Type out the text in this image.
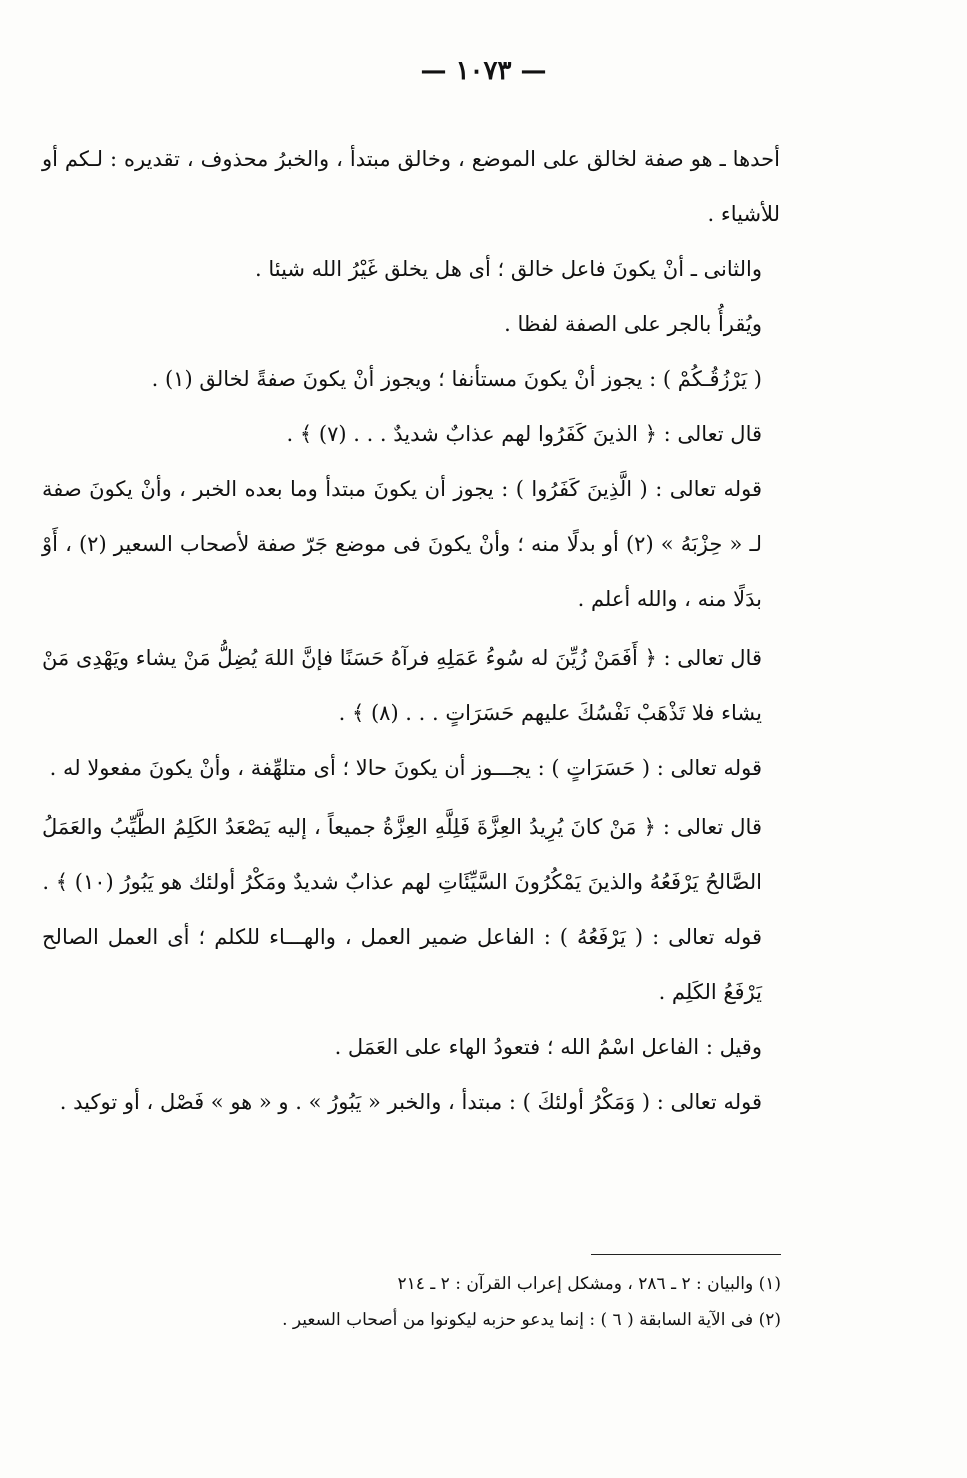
— ١٠٧٣ —

أحدها ـ هو صفة لخالق على الموضع ، وخالق مبتدأ ، والخبرُ محذوف ، تقديره : لـكم أو للأشياء .

والثانى ـ أنْ يكونَ فاعل خالق ؛ أى هل يخلق غَيْرُ الله شيئا .

ويُقرأُ بالجر على الصفة لفظا .

( يَرْزُقُـكُمْ ) : يجوز أنْ يكونَ مستأنفا ؛ ويجوز أنْ يكونَ صفةً لخالق (١) .

قال تعالى : ﴿ الذينَ كَفَرُوا لهم عذابٌ شديدٌ . . . (٧) ﴾ .

قوله تعالى : ( الَّذِينَ كَفَرُوا ) : يجوز أن يكونَ مبتدأ وما بعده الخبر ، وأنْ يكونَ صفة لـ « حِزْبَهُ » (٢) أو بدلًا منه ؛ وأنْ يكونَ فى موضع جَرّ صفة لأصحاب السعير (٢) ، أَوْ بدَلًا منه ، والله أعلم .

قال تعالى : ﴿ أَفَمَنْ زُيِّنَ له سُوءُ عَمَلِهِ فرآهُ حَسَنًا فإنَّ اللهَ يُضِلُّ مَنْ يشاء ويَهْدِى مَنْ يشاء فلا تَذْهَبْ نَفْسُكَ عليهم حَسَرَاتٍ . . . (٨) ﴾ .

قوله تعالى : ( حَسَرَاتٍ ) : يجـــوز أن يكونَ حالا ؛ أى متلهِّفة ، وأنْ يكونَ مفعولا له .

قال تعالى : ﴿ مَنْ كانَ يُرِيدُ العِزَّةَ فَلِلَّهِ العِزَّةُ جميعاً ، إليه يَصْعَدُ الكَلِمُ الطَّيِّبُ والعَمَلُ الصَّالحُ يَرْفَعُهُ والذينَ يَمْكُرُونَ السَّيِّئَاتِ لهم عذابٌ شديدٌ ومَكْرُ أولئك هو يَبُورُ (١٠) ﴾ .

قوله تعالى : ( يَرْفَعُهُ ) : الفاعل ضمير العمل ، والهـــاء للكلم ؛ أى العمل الصالح يَرْفَعُ الكَلِم .

وقيل : الفاعل اسْمُ الله ؛ فتعودُ الهاء على العَمَل .

قوله تعالى : ( وَمَكْرُ أولئكَ ) : مبتدأ ، والخبر « يَبُورُ » . و « هو » فَصْل ، أو توكيد .

(١) والبيان : ٢ ـ ٢٨٦ ، ومشكل إعراب القرآن : ٢ ـ ٢١٤

(٢) فى الآية السابقة ( ٦ ) : إنما يدعو حزبه ليكونوا من أصحاب السعير .
